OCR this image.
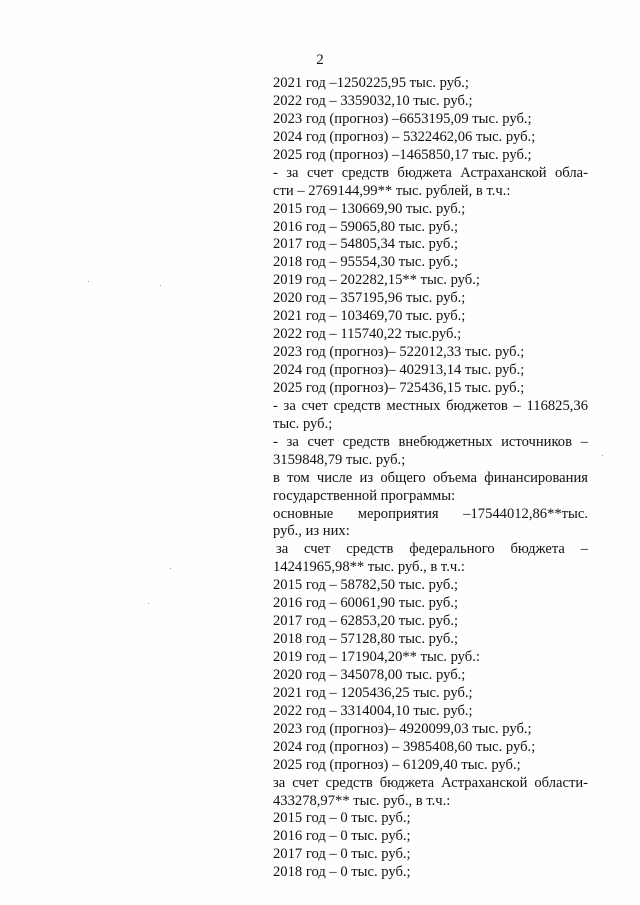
2
2021 год –1250225,95 тыс. руб.;
2022 год – 3359032,10 тыс. руб.;
2023 год (прогноз) –6653195,09 тыс. руб.;
2024 год (прогноз) – 5322462,06 тыс. руб.;
2025 год (прогноз) –1465850,17 тыс. руб.;
- за счет средств бюджета Астраханской обла-
сти – 2769144,99** тыс. рублей, в т.ч.:
2015 год – 130669,90 тыс. руб.;
2016 год – 59065,80 тыс. руб.;
2017 год – 54805,34 тыс. руб.;
2018 год – 95554,30 тыс. руб.;
2019 год – 202282,15** тыс. руб.;
2020 год – 357195,96 тыс. руб.;
2021 год – 103469,70 тыс. руб.;
2022 год – 115740,22 тыс.руб.;
2023 год (прогноз)– 522012,33 тыс. руб.;
2024 год (прогноз)– 402913,14 тыс. руб.;
2025 год (прогноз)– 725436,15 тыс. руб.;
- за счет средств местных бюджетов – 116825,36
тыс. руб.;
- за счет средств внебюджетных источников –
3159848,79 тыс. руб.;
в том числе из общего объема финансирования
государственной программы:
основные мероприятия –17544012,86**тыс.
руб., из них:
за счет средств федерального бюджета –
14241965,98** тыс. руб., в т.ч.:
2015 год – 58782,50 тыс. руб.;
2016 год – 60061,90 тыс. руб.;
2017 год – 62853,20 тыс. руб.;
2018 год – 57128,80 тыс. руб.;
2019 год – 171904,20** тыс. руб.:
2020 год – 345078,00 тыс. руб.;
2021 год – 1205436,25 тыс. руб.;
2022 год – 3314004,10 тыс. руб.;
2023 год (прогноз)– 4920099,03 тыс. руб.;
2024 год (прогноз) – 3985408,60 тыс. руб.;
2025 год (прогноз) – 61209,40 тыс. руб.;
за счет средств бюджета Астраханской области-
433278,97** тыс. руб., в т.ч.:
2015 год – 0 тыс. руб.;
2016 год – 0 тыс. руб.;
2017 год – 0 тыс. руб.;
2018 год – 0 тыс. руб.;
